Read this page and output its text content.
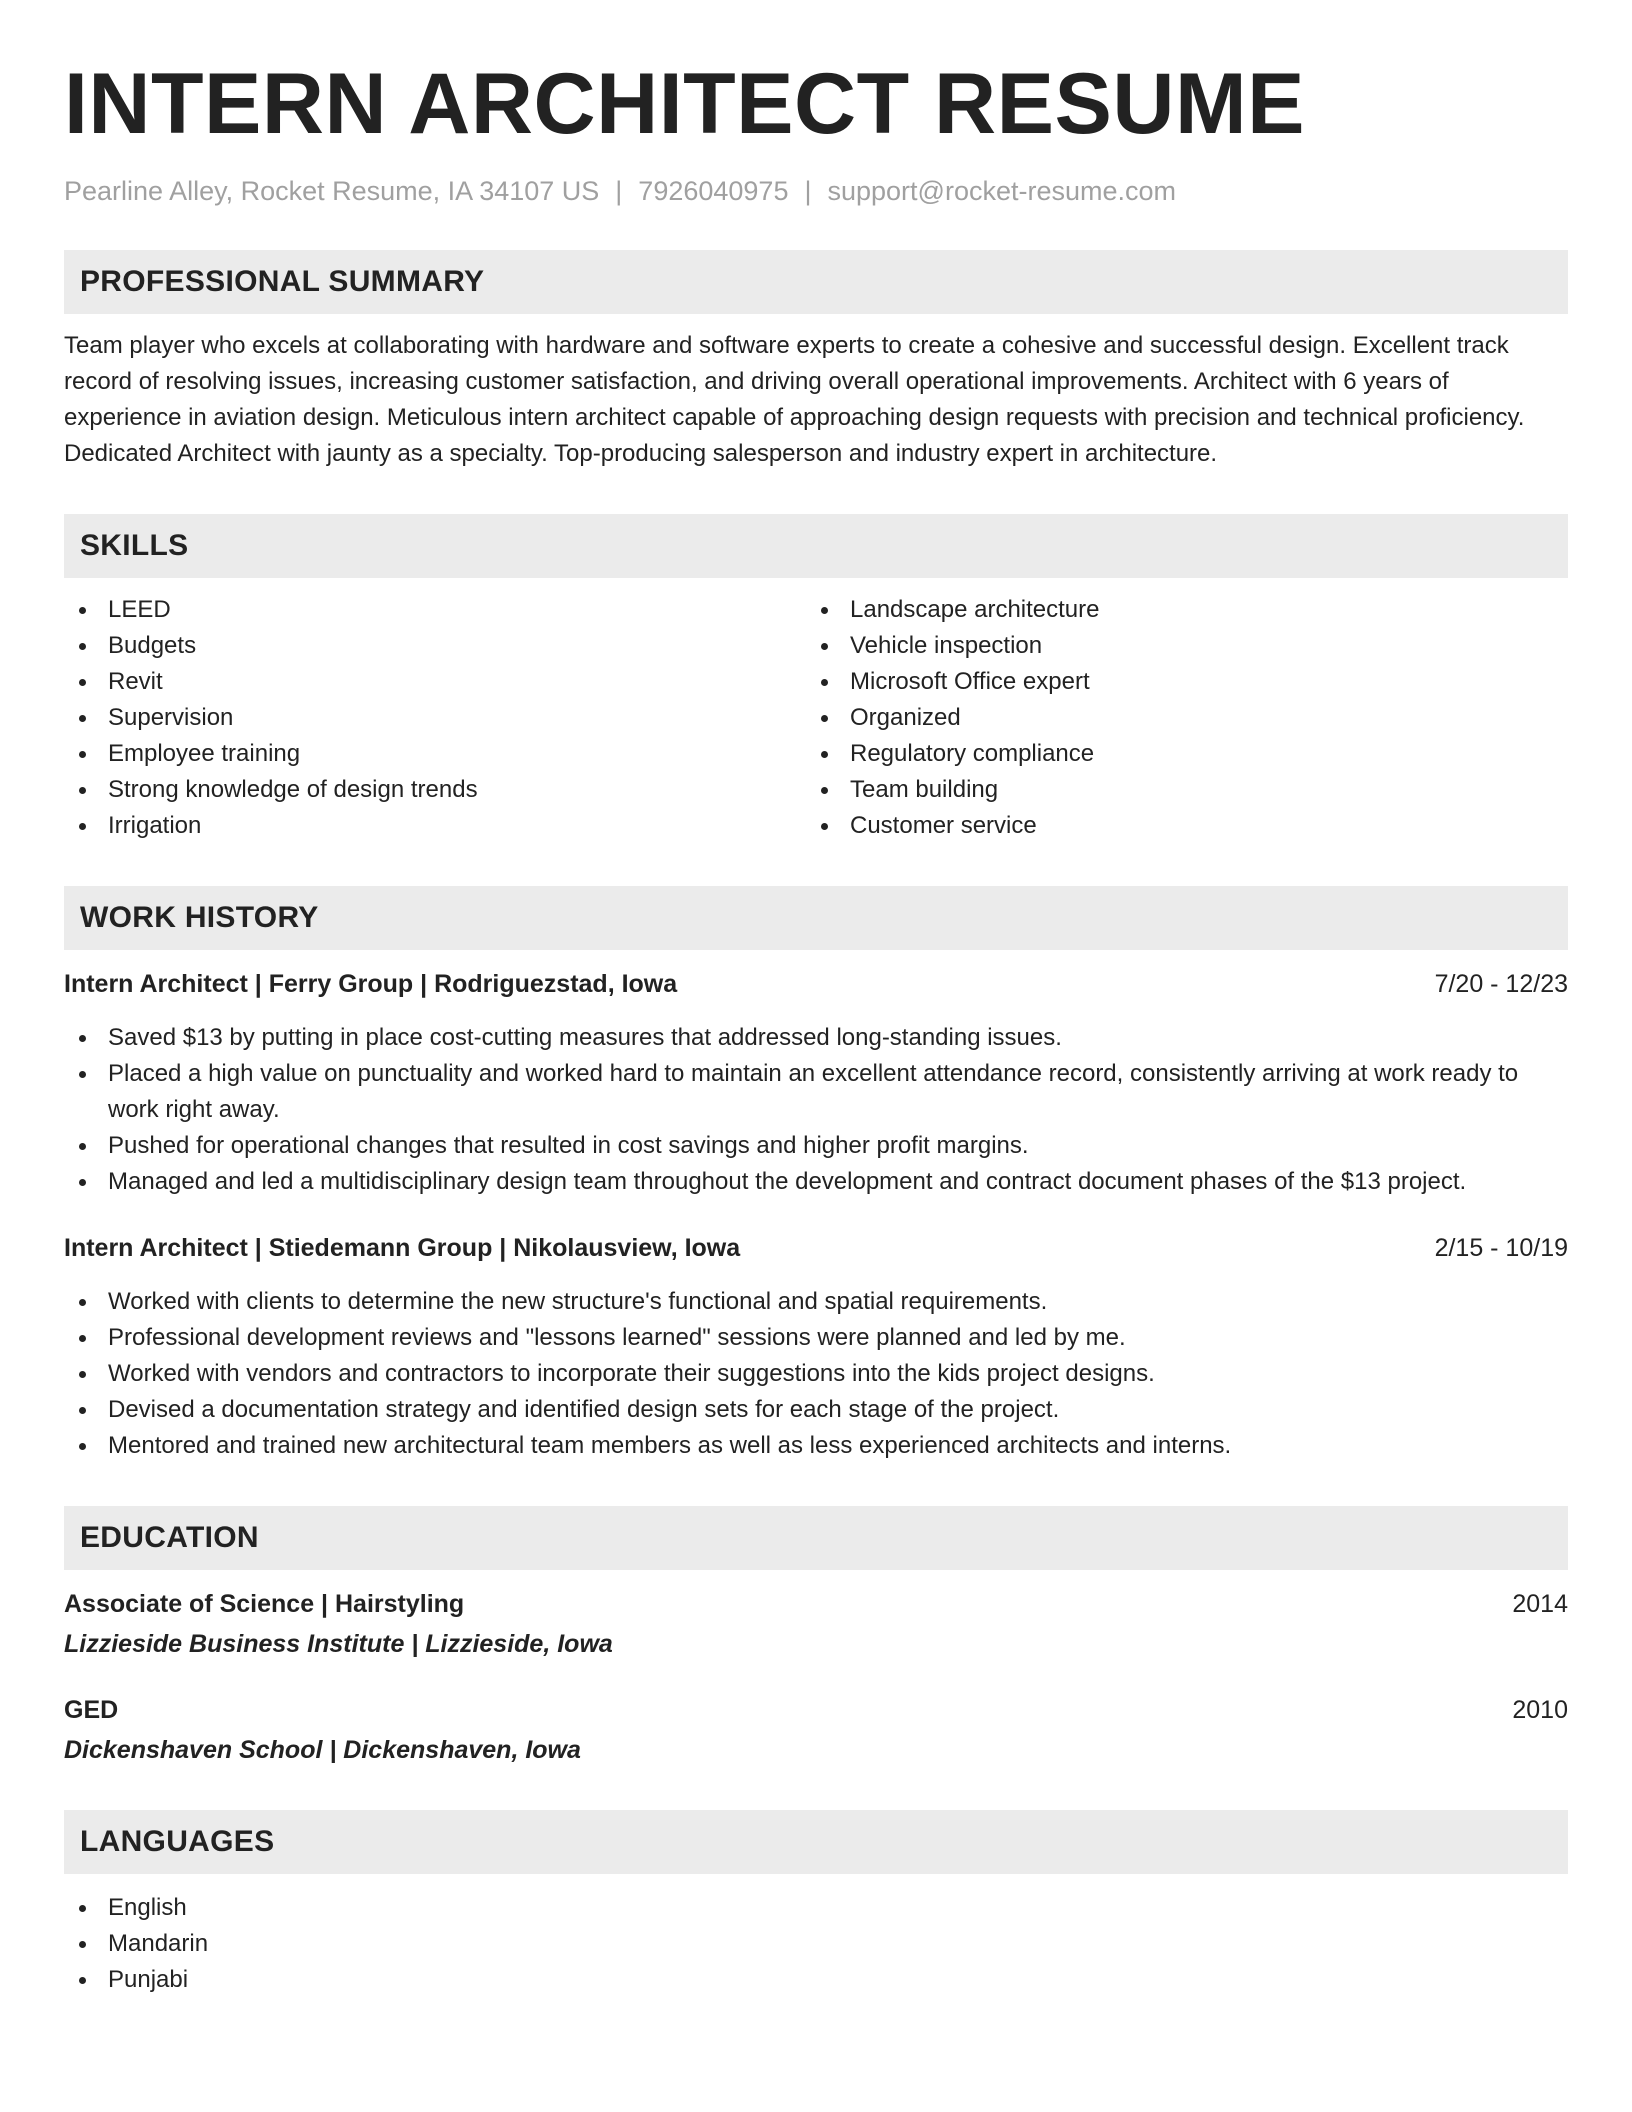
INTERN ARCHITECT RESUME
Pearline Alley, Rocket Resume, IA 34107 US | 7926040975 | support@rocket-resume.com
PROFESSIONAL SUMMARY

Team player who excels at collaborating with hardware and software experts to create a cohesive and successful design. Excellent track record of resolving issues, increasing customer satisfaction, and driving overall operational improvements. Architect with 6 years of experience in aviation design. Meticulous intern architect capable of approaching design requests with precision and technical proficiency. Dedicated Architect with jaunty as a specialty. Top-producing salesperson and industry expert in architecture.

SKILLS
LEED
Budgets
Revit
Supervision
Employee training
Strong knowledge of design trends
Irrigation
Landscape architecture
Vehicle inspection
Microsoft Office expert
Organized
Regulatory compliance
Team building
Customer service
WORK HISTORY
Intern Architect | Ferry Group | Rodriguezstad, Iowa	7/20 - 12/23
Saved $13 by putting in place cost-cutting measures that addressed long-standing issues.
Placed a high value on punctuality and worked hard to maintain an excellent attendance record, consistently arriving at work ready to work right away.
Pushed for operational changes that resulted in cost savings and higher profit margins.
Managed and led a multidisciplinary design team throughout the development and contract document phases of the $13 project.
Intern Architect | Stiedemann Group | Nikolausview, Iowa	2/15 - 10/19
Worked with clients to determine the new structure's functional and spatial requirements.
Professional development reviews and "lessons learned" sessions were planned and led by me.
Worked with vendors and contractors to incorporate their suggestions into the kids project designs.
Devised a documentation strategy and identified design sets for each stage of the project.
Mentored and trained new architectural team members as well as less experienced architects and interns.
EDUCATION
Associate of Science | Hairstyling	2014
Lizzieside Business Institute | Lizzieside, Iowa
GED	2010
Dickenshaven School | Dickenshaven, Iowa
LANGUAGES
English
Mandarin
Punjabi
